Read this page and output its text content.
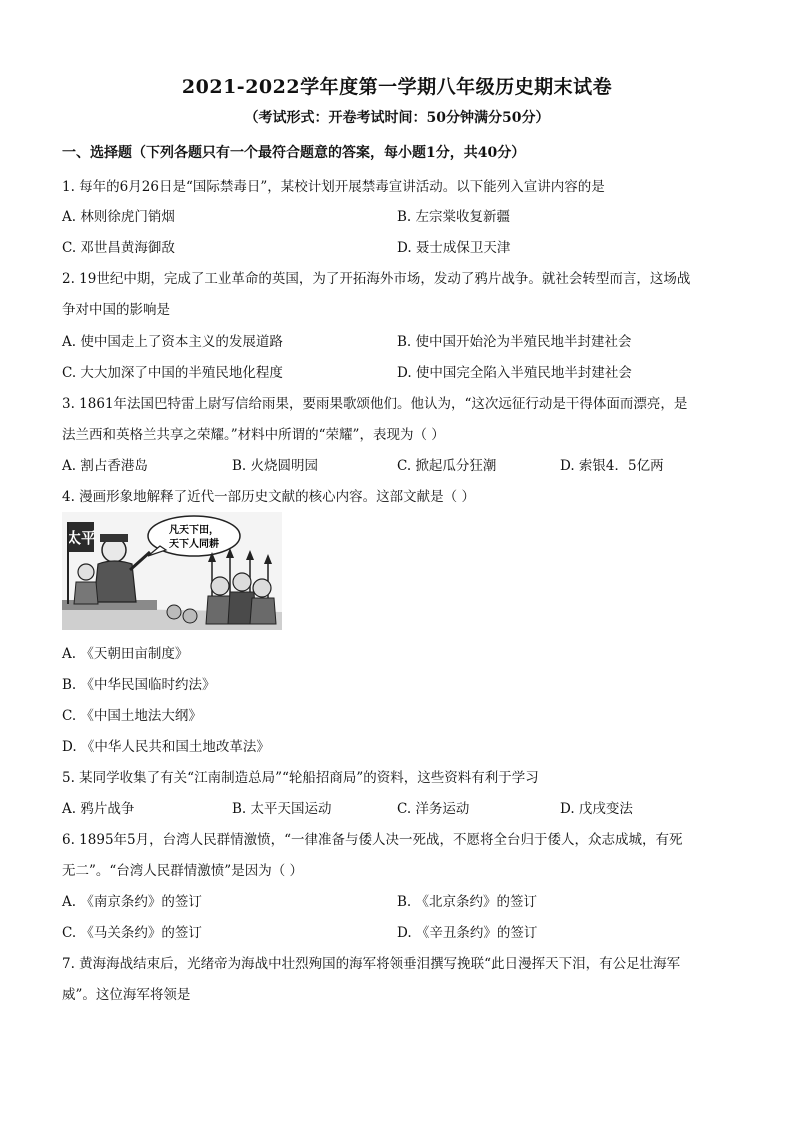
2021-2022学年度第一学期八年级历史期末试卷
（考试形式：开卷考试时间：50分钟满分50分）
一、选择题（下列各题只有一个最符合题意的答案，每小题1分，共40分）
1. 每年的6月26日是“国际禁毒日”，某校计划开展禁毒宣讲活动。以下能列入宣讲内容的是
A. 林则徐虎门销烟	B. 左宗棠收复新疆
C. 邓世昌黄海御敌	D. 聂士成保卫天津
2. 19世纪中期，完成了工业革命的英国，为了开拓海外市场，发动了鸦片战争。就社会转型而言，这场战
争对中国的影响是
A. 使中国走上了资本主义的发展道路	B. 使中国开始沦为半殖民地半封建社会
C. 大大加深了中国的半殖民地化程度	D. 使中国完全陷入半殖民地半封建社会
3. 1861年法国巴特雷上尉写信给雨果，要雨果歌颂他们。他认为，“这次远征行动是干得体面而漂亮，是
法兰西和英格兰共享之荣耀。”材料中所谓的“荣耀”，表现为（ ）
A. 割占香港岛	B. 火烧圆明园	C. 掀起瓜分狂潮	D. 索银4．5亿两
4. 漫画形象地解释了近代一部历史文献的核心内容。这部文献是（ ）
太平	凡天下田，
天下人同耕
A. 《天朝田亩制度》
B. 《中华民国临时约法》
C. 《中国土地法大纲》
D. 《中华人民共和国土地改革法》
5. 某同学收集了有关“江南制造总局”“轮船招商局”的资料，这些资料有利于学习
A. 鸦片战争	B. 太平天国运动	C. 洋务运动	D. 戊戌变法
6. 1895年5月，台湾人民群情激愤，“一律准备与倭人决一死战，不愿将全台归于倭人，众志成城，有死
无二”。“台湾人民群情激愤”是因为（ ）
A. 《南京条约》的签订	B. 《北京条约》的签订
C. 《马关条约》的签订	D. 《辛丑条约》的签订
7. 黄海海战结束后，光绪帝为海战中壮烈殉国的海军将领垂泪撰写挽联“此日漫挥天下泪，有公足壮海军
威”。这位海军将领是
